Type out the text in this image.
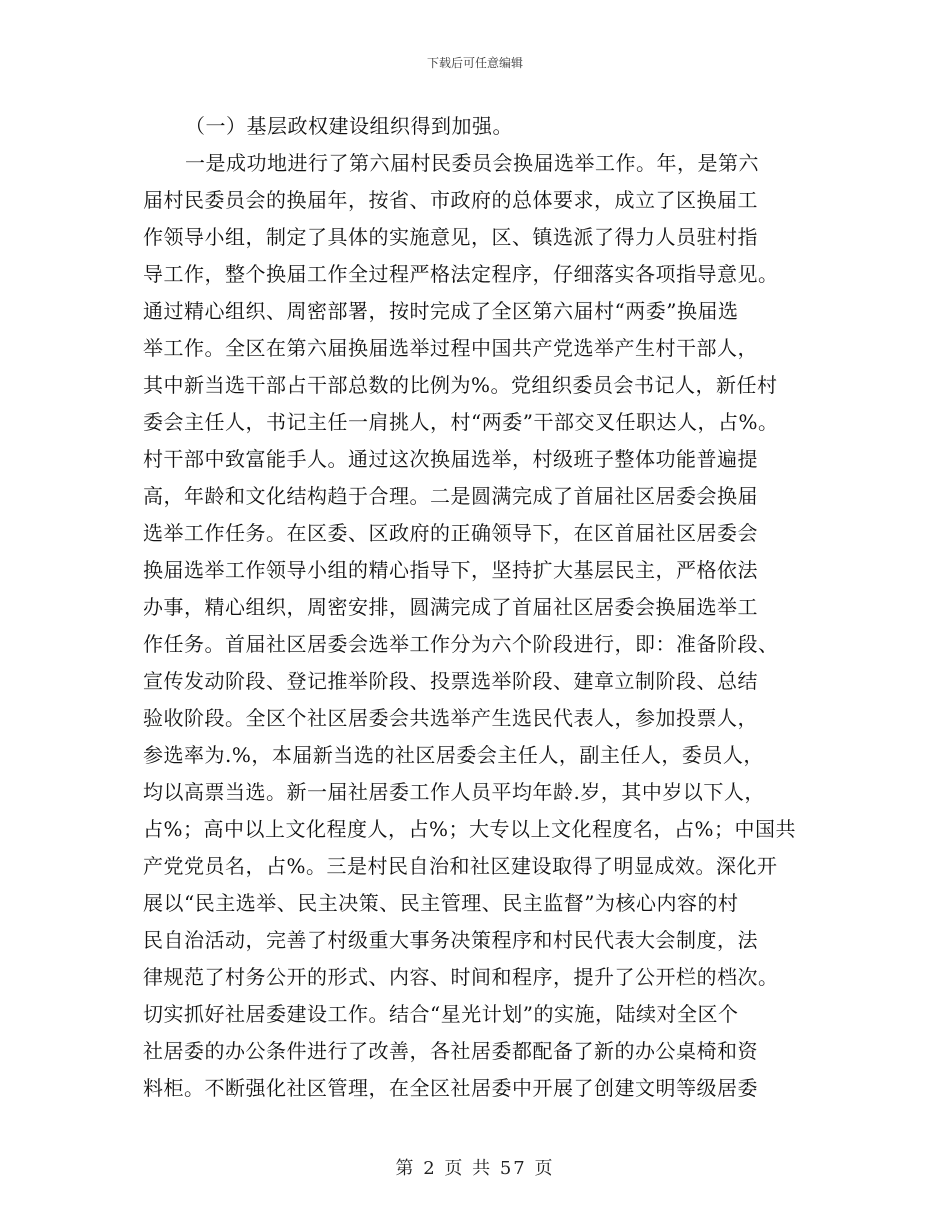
下载后可任意编辑
（一）基层政权建设组织得到加强。
一是成功地进行了第六届村民委员会换届选举工作。年，是第六
届村民委员会的换届年，按省、市政府的总体要求，成立了区换届工
作领导小组，制定了具体的实施意见，区、镇选派了得力人员驻村指
导工作，整个换届工作全过程严格法定程序，仔细落实各项指导意见。
通过精心组织、周密部署，按时完成了全区第六届村“两委”换届选
举工作。全区在第六届换届选举过程中国共产党选举产生村干部人，
其中新当选干部占干部总数的比例为%。党组织委员会书记人，新任村
委会主任人，书记主任一肩挑人，村“两委”干部交叉任职达人，占%。
村干部中致富能手人。通过这次换届选举，村级班子整体功能普遍提
高，年龄和文化结构趋于合理。二是圆满完成了首届社区居委会换届
选举工作任务。在区委、区政府的正确领导下，在区首届社区居委会
换届选举工作领导小组的精心指导下，坚持扩大基层民主，严格依法
办事，精心组织，周密安排，圆满完成了首届社区居委会换届选举工
作任务。首届社区居委会选举工作分为六个阶段进行，即：准备阶段、
宣传发动阶段、登记推举阶段、投票选举阶段、建章立制阶段、总结
验收阶段。全区个社区居委会共选举产生选民代表人，参加投票人，
参选率为.%，本届新当选的社区居委会主任人，副主任人，委员人，
均以高票当选。新一届社居委工作人员平均年龄.岁，其中岁以下人，
占%；高中以上文化程度人，占%；大专以上文化程度名，占%；中国共
产党党员名，占%。三是村民自治和社区建设取得了明显成效。深化开
展以“民主选举、民主决策、民主管理、民主监督”为核心内容的村
民自治活动，完善了村级重大事务决策程序和村民代表大会制度，法
律规范了村务公开的形式、内容、时间和程序，提升了公开栏的档次。
切实抓好社居委建设工作。结合“星光计划”的实施，陆续对全区个
社居委的办公条件进行了改善，各社居委都配备了新的办公桌椅和资
料柜。不断强化社区管理，在全区社居委中开展了创建文明等级居委
第 2 页 共 57 页
